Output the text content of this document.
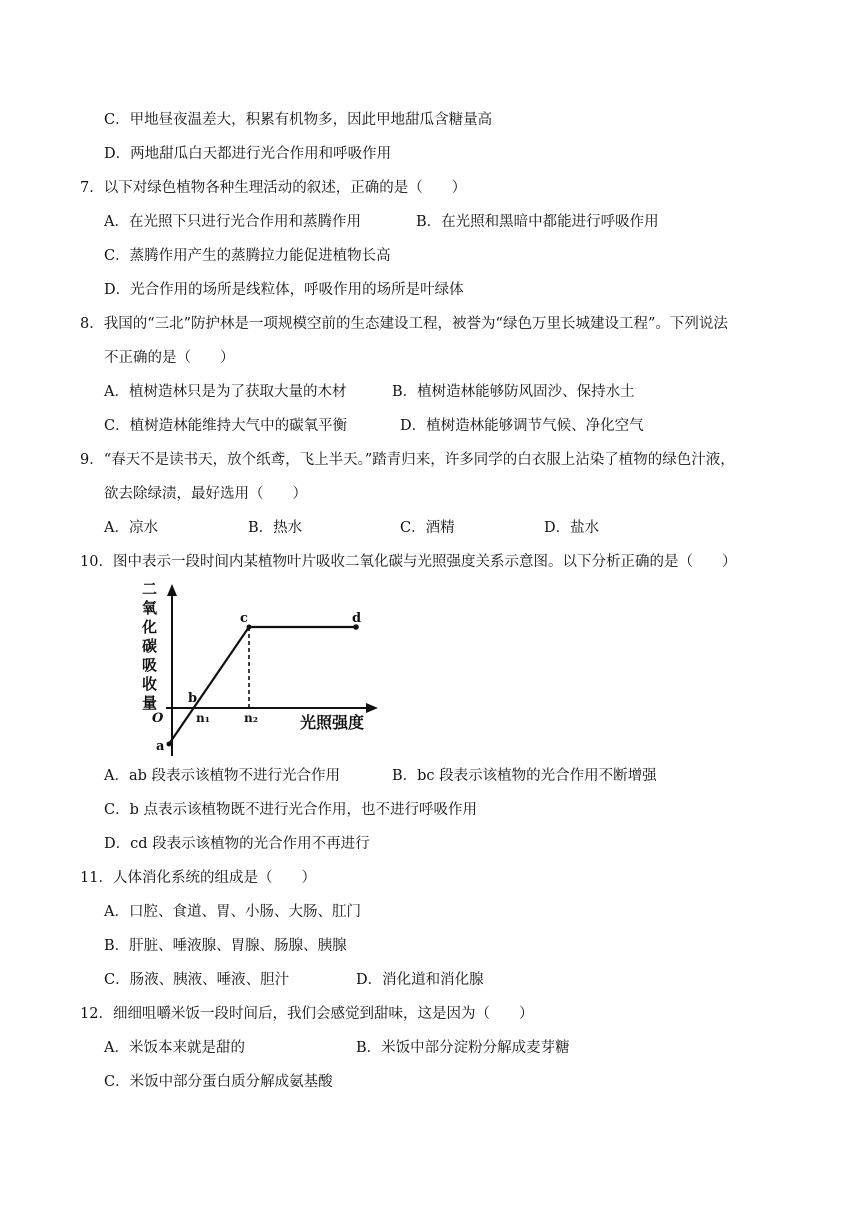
C．甲地昼夜温差大，积累有机物多，因此甲地甜瓜含糖量高
D．两地甜瓜白天都进行光合作用和呼吸作用
7．以下对绿色植物各种生理活动的叙述，正确的是（　　）
A．在光照下只进行光合作用和蒸腾作用	B．在光照和黑暗中都能进行呼吸作用
C．蒸腾作用产生的蒸腾拉力能促进植物长高
D．光合作用的场所是线粒体，呼吸作用的场所是叶绿体
8．我国的“三北”防护林是一项规模空前的生态建设工程，被誉为“绿色万里长城建设工程”。下列说法
不正确的是（　　）
A．植树造林只是为了获取大量的木材	B．植树造林能够防风固沙、保持水土
C．植树造林能维持大气中的碳氧平衡	D．植树造林能够调节气候、净化空气
9．“春天不是读书天，放个纸鸢，飞上半天。”踏青归来，许多同学的白衣服上沾染了植物的绿色汁液，
欲去除绿渍，最好选用（　　）
A．凉水	B．热水	C．酒精	D．盐水
10．图中表示一段时间内某植物叶片吸收二氧化碳与光照强度关系示意图。以下分析正确的是（　　）
二
氧
化
碳
吸
收
量
a
b
c	d
O	n₁	n₂	光照强度
A．ab 段表示该植物不进行光合作用	B．bc 段表示该植物的光合作用不断增强
C．b 点表示该植物既不进行光合作用，也不进行呼吸作用
D．cd 段表示该植物的光合作用不再进行
11．人体消化系统的组成是（　　）
A．口腔、食道、胃、小肠、大肠、肛门
B．肝脏、唾液腺、胃腺、肠腺、胰腺
C．肠液、胰液、唾液、胆汁	D．消化道和消化腺
12．细细咀嚼米饭一段时间后，我们会感觉到甜味，这是因为（　　）
A．米饭本来就是甜的	B．米饭中部分淀粉分解成麦芽糖
C．米饭中部分蛋白质分解成氨基酸
